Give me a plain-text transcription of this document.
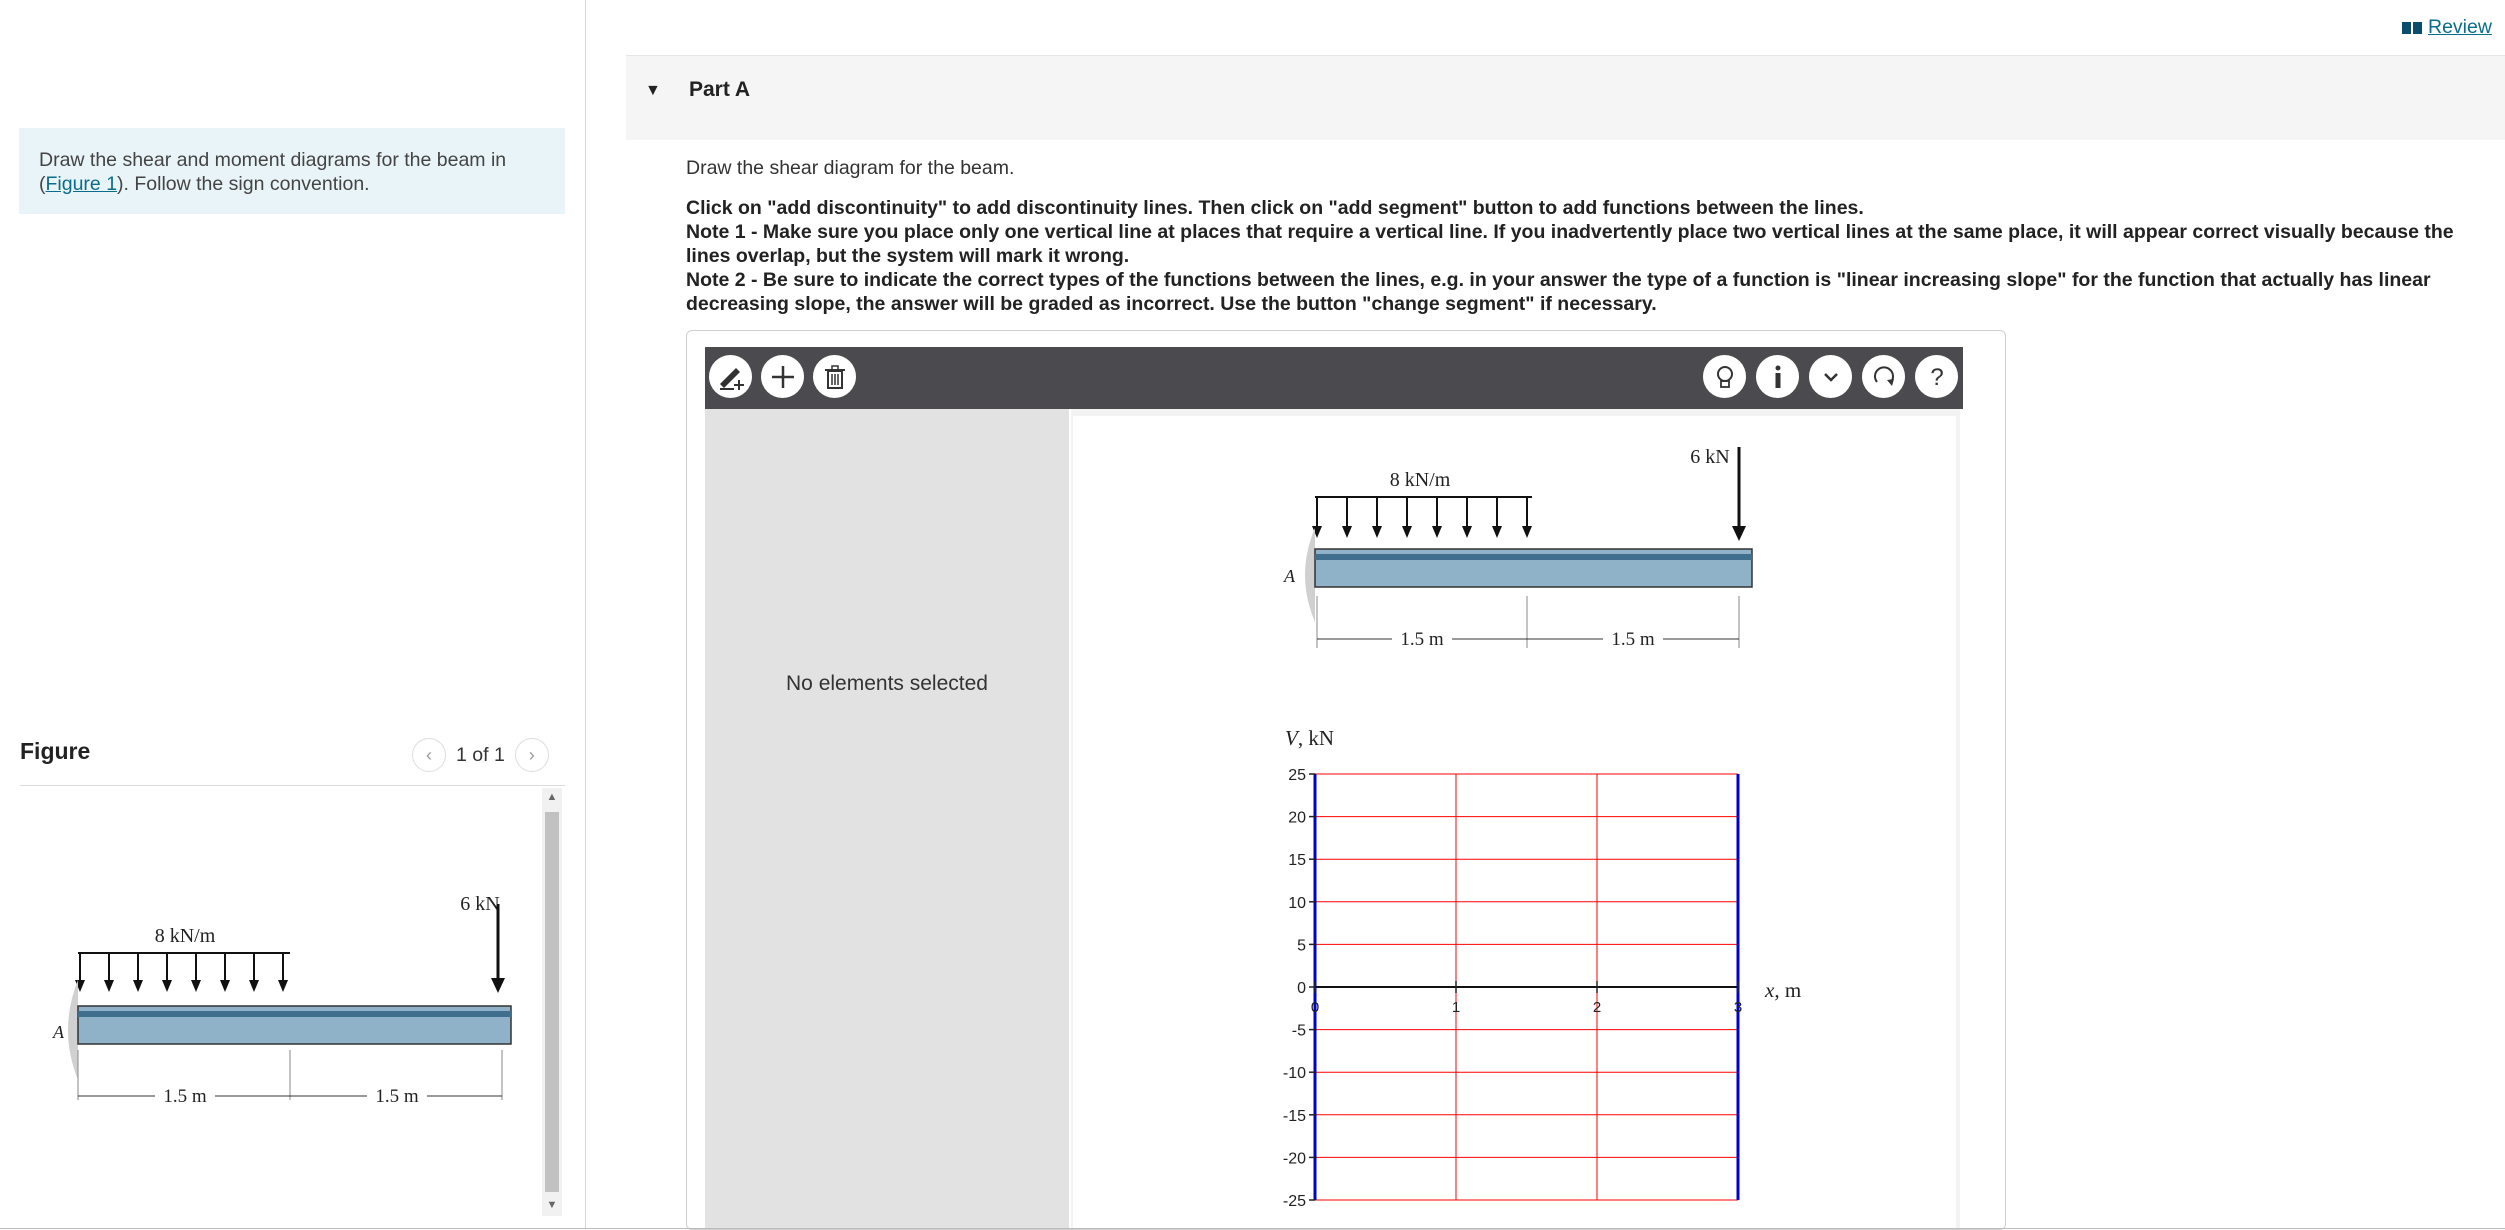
Draw the shear and moment diagrams for the beam in (Figure 1). Follow the sign convention.
Figure	‹ 1 of 1 ›
8 kN/m
6 kN
A
1.5 m	1.5 m
▲
▼
Review
▼ Part A

Draw the shear diagram for the beam.

Click on "add discontinuity" to add discontinuity lines. Then click on "add segment" button to add functions between the lines.

Note 1 - Make sure you place only one vertical line at places that require a vertical line. If you inadvertently place two vertical lines at the same place, it will appear correct visually because the lines overlap, but the system will mark it wrong.

Note 2 - Be sure to indicate the correct types of the functions between the lines, e.g. in your answer the type of a function is "linear increasing slope" for the function that actually has linear decreasing slope, the answer will be graded as incorrect. Use the button "change segment" if necessary.

?
No elements selected
8 kN/m
6 kN
A
1.5 m	1.5 m
V, kN
x, m
25
20
15
10
5
0
-5
-10
-15
-20
-25
0	1	2	3
